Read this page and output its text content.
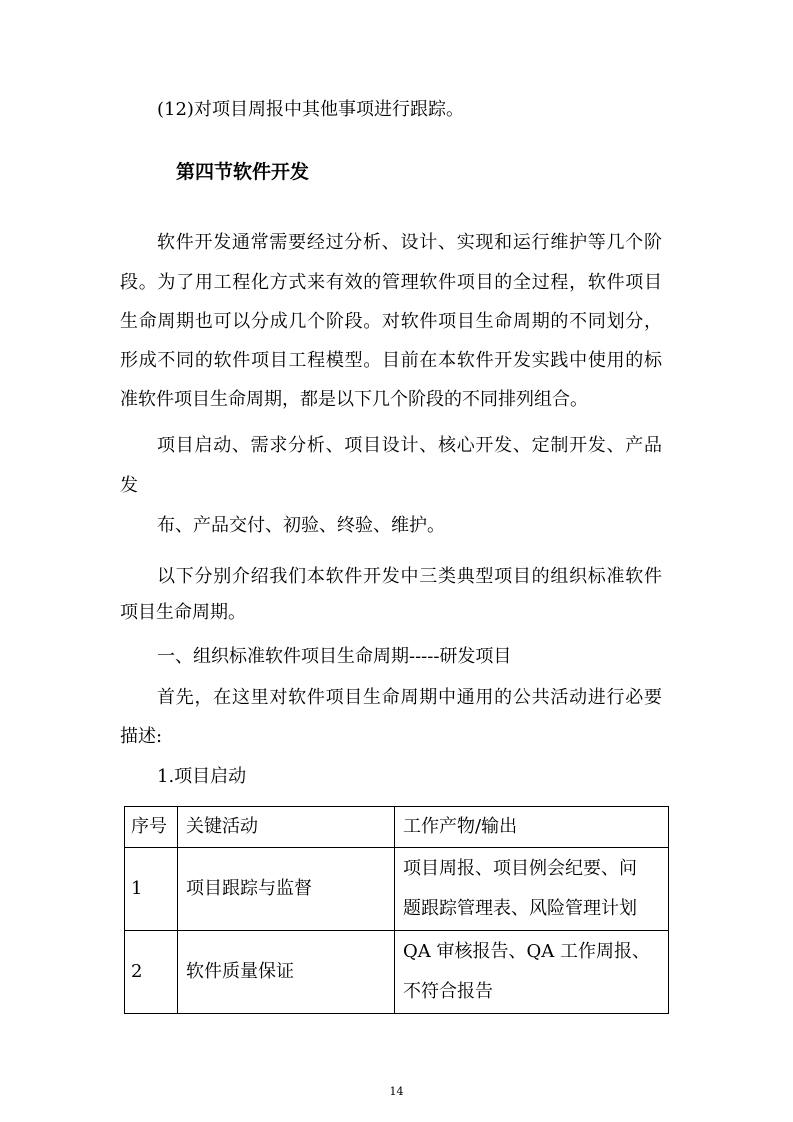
(12)对项目周报中其他事项进行跟踪。
第四节软件开发
软件开发通常需要经过分析、设计、实现和运行维护等几个阶
段。为了用工程化方式来有效的管理软件项目的全过程，软件项目
生命周期也可以分成几个阶段。对软件项目生命周期的不同划分，
形成不同的软件项目工程模型。目前在本软件开发实践中使用的标
准软件项目生命周期，都是以下几个阶段的不同排列组合。
项目启动、需求分析、项目设计、核心开发、定制开发、产品
发
布、产品交付、初验、终验、维护。
以下分别介绍我们本软件开发中三类典型项目的组织标准软件
项目生命周期。
一、组织标准软件项目生命周期-----研发项目
首先，在这里对软件项目生命周期中通用的公共活动进行必要
描述:
1.项目启动
序号	关键活动	工作产物/输出
1	项目跟踪与监督	项目周报、项目例会纪要、问
题跟踪管理表、风险管理计划

2	软件质量保证	QA 审核报告、QA 工作周报、
不符合报告
14
